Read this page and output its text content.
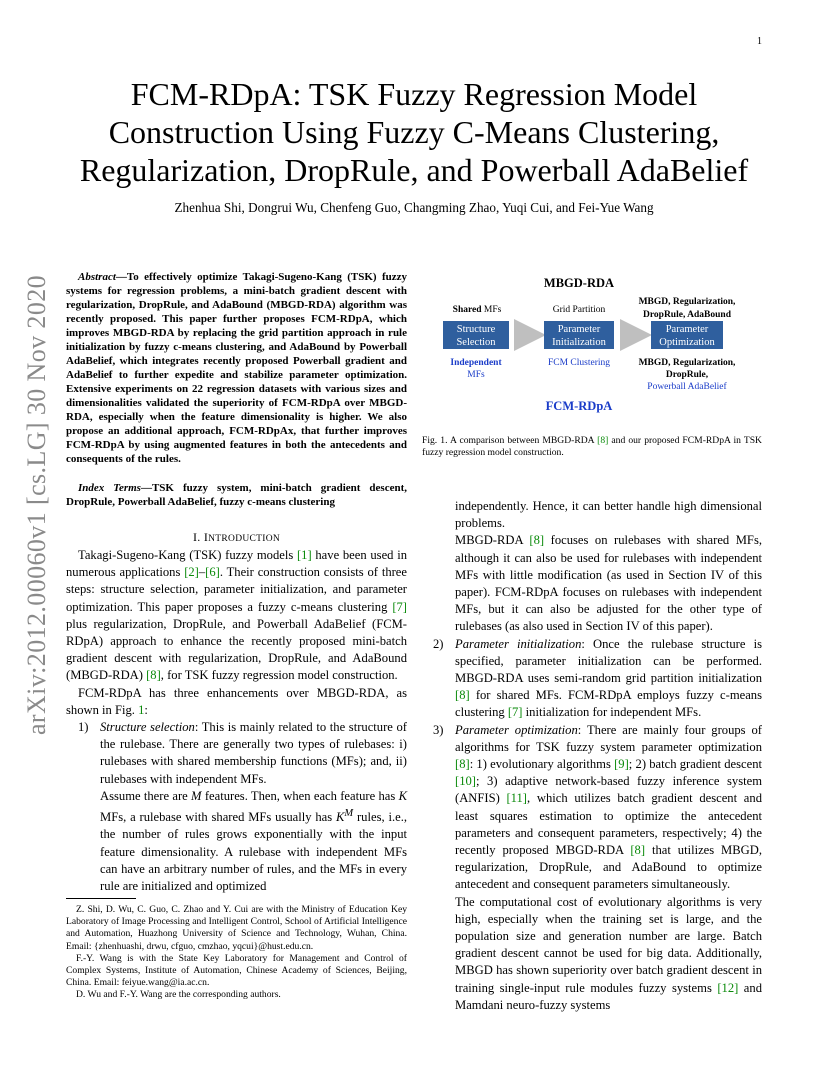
1
arXiv:2012.00060v1 [cs.LG] 30 Nov 2020
FCM-RDpA: TSK Fuzzy Regression Model
Construction Using Fuzzy C-Means Clustering,
Regularization, DropRule, and Powerball AdaBelief
Zhenhua Shi, Dongrui Wu, Chenfeng Guo, Changming Zhao, Yuqi Cui, and Fei-Yue Wang
Abstract—To effectively optimize Takagi-Sugeno-Kang (TSK) fuzzy systems for regression problems, a mini-batch gradient descent with regularization, DropRule, and AdaBound (MBGD-RDA) algorithm was recently proposed. This paper further proposes FCM-RDpA, which improves MBGD-RDA by replacing the grid partition approach in rule initialization by fuzzy c-means clustering, and AdaBound by Powerball AdaBelief, which integrates recently proposed Powerball gradient and AdaBelief to further expedite and stabilize parameter optimization. Extensive experiments on 22 regression datasets with various sizes and dimensionalities validated the superiority of FCM-RDpA over MBGD-RDA, especially when the feature dimensionality is higher. We also propose an additional approach, FCM-RDpAx, that further improves FCM-RDpA by using augmented features in both the antecedents and consequents of the rules.
Index Terms—TSK fuzzy system, mini-batch gradient descent, DropRule, Powerball AdaBelief, fuzzy c-means clustering
I. INTRODUCTION

Takagi-Sugeno-Kang (TSK) fuzzy models [1] have been used in numerous applications [2]–[6]. Their construction consists of three steps: structure selection, parameter initialization, and parameter optimization. This paper proposes a fuzzy c-means clustering [7] plus regularization, DropRule, and Powerball AdaBelief (FCM-RDpA) approach to enhance the recently proposed mini-batch gradient descent with regularization, DropRule, and AdaBound (MBGD-RDA) [8], for TSK fuzzy regression model construction.

FCM-RDpA has three enhancements over MBGD-RDA, as shown in Fig. 1:

1) Structure selection: This is mainly related to the structure of the rulebase. There are generally two types of rulebases: i) rulebases with shared membership functions (MFs); and, ii) rulebases with independent MFs.

Assume there are M features. Then, when each feature has K MFs, a rulebase with shared MFs usually has $K^M$ rules, i.e., the number of rules grows exponentially with the input feature dimensionality. A rulebase with independent MFs can have an arbitrary number of rules, and the MFs in every rule are initialized and optimized

Z. Shi, D. Wu, C. Guo, C. Zhao and Y. Cui are with the Ministry of Education Key Laboratory of Image Processing and Intelligent Control, School of Artificial Intelligence and Automation, Huazhong University of Science and Technology, Wuhan, China. Email: {zhenhuashi, drwu, cfguo, cmzhao, yqcui}@hust.edu.cn.

F.-Y. Wang is with the State Key Laboratory for Management and Control of Complex Systems, Institute of Automation, Chinese Academy of Sciences, Beijing, China. Email: feiyue.wang@ia.ac.cn.

D. Wu and F.-Y. Wang are the corresponding authors.

MBGD-RDA
Shared MFs	Grid Partition
MBGD, Regularization,
DropRule, AdaBound
Structure
Selection
Parameter
Initialization
Parameter
Optimization
Independent
MFs
FCM Clustering	MBGD, Regularization,
DropRule,
Powerball AdaBelief
FCM-RDpA
Fig. 1. A comparison between MBGD-RDA [8] and our proposed FCM-RDpA in TSK fuzzy regression model construction.

independently. Hence, it can better handle high dimensional problems.

MBGD-RDA [8] focuses on rulebases with shared MFs, although it can also be used for rulebases with independent MFs with little modification (as used in Section IV of this paper). FCM-RDpA focuses on rulebases with independent MFs, but it can also be adjusted for the other type of rulebases (as also used in Section IV of this paper).

2) Parameter initialization: Once the rulebase structure is specified, parameter initialization can be performed. MBGD-RDA uses semi-random grid partition initialization [8] for shared MFs. FCM-RDpA employs fuzzy c-means clustering [7] initialization for independent MFs.

3) Parameter optimization: There are mainly four groups of algorithms for TSK fuzzy system parameter optimization [8]: 1) evolutionary algorithms [9]; 2) batch gradient descent [10]; 3) adaptive network-based fuzzy inference system (ANFIS) [11], which utilizes batch gradient descent and least squares estimation to optimize the antecedent parameters and consequent parameters, respectively; 4) the recently proposed MBGD-RDA [8] that utilizes MBGD, regularization, DropRule, and AdaBound to optimize antecedent and consequent parameters simultaneously.

The computational cost of evolutionary algorithms is very high, especially when the training set is large, and the population size and generation number are large. Batch gradient descent cannot be used for big data. Additionally, MBGD has shown superiority over batch gradient descent in training single-input rule modules fuzzy systems [12] and Mamdani neuro-fuzzy systems
